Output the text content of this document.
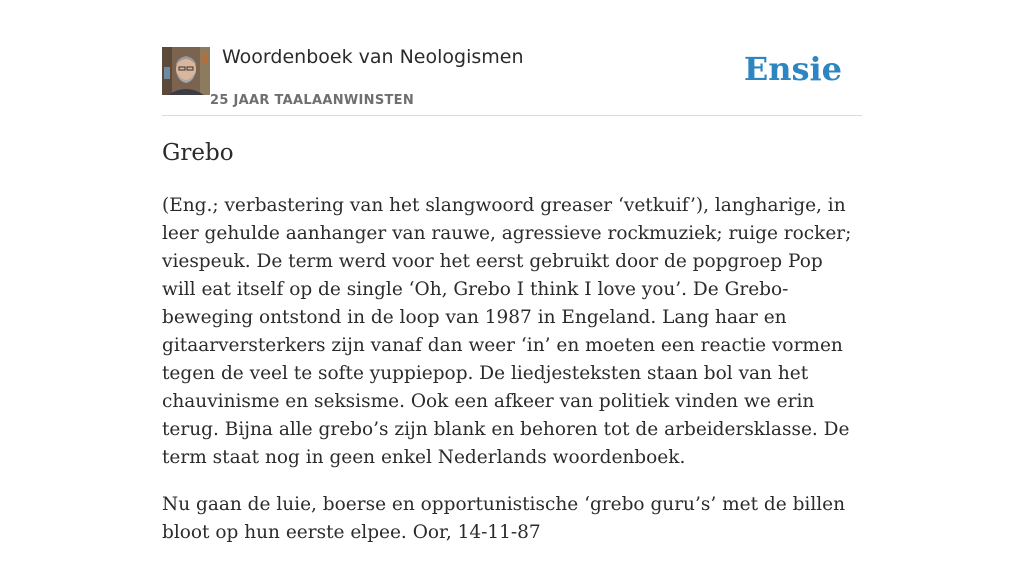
Woordenboek van Neologismen
25 JAAR TAALAANWINSTEN
Ensie
Grebo

(Eng.; verbastering van het slangwoord greaser ‘vetkuif’), langharige, in leer gehulde aanhanger van rauwe, agressieve rockmuziek; ruige rocker; viespeuk. De term werd voor het eerst gebruikt door de popgroep Pop will eat itself op de single ‘Oh, Grebo I think I love you’. De Grebo-beweging ontstond in de loop van 1987 in Engeland. Lang haar en gitaarversterkers zijn vanaf dan weer ‘in’ en moeten een reactie vormen tegen de veel te softe yuppiepop. De liedjesteksten staan bol van het chauvinisme en seksisme. Ook een afkeer van politiek vinden we erin terug. Bijna alle grebo’s zijn blank en behoren tot de arbeidersklasse. De term staat nog in geen enkel Nederlands woordenboek.

Nu gaan de luie, boerse en opportunistische ‘grebo guru’s’ met de billen bloot op hun eerste elpee. Oor, 14-11-87
